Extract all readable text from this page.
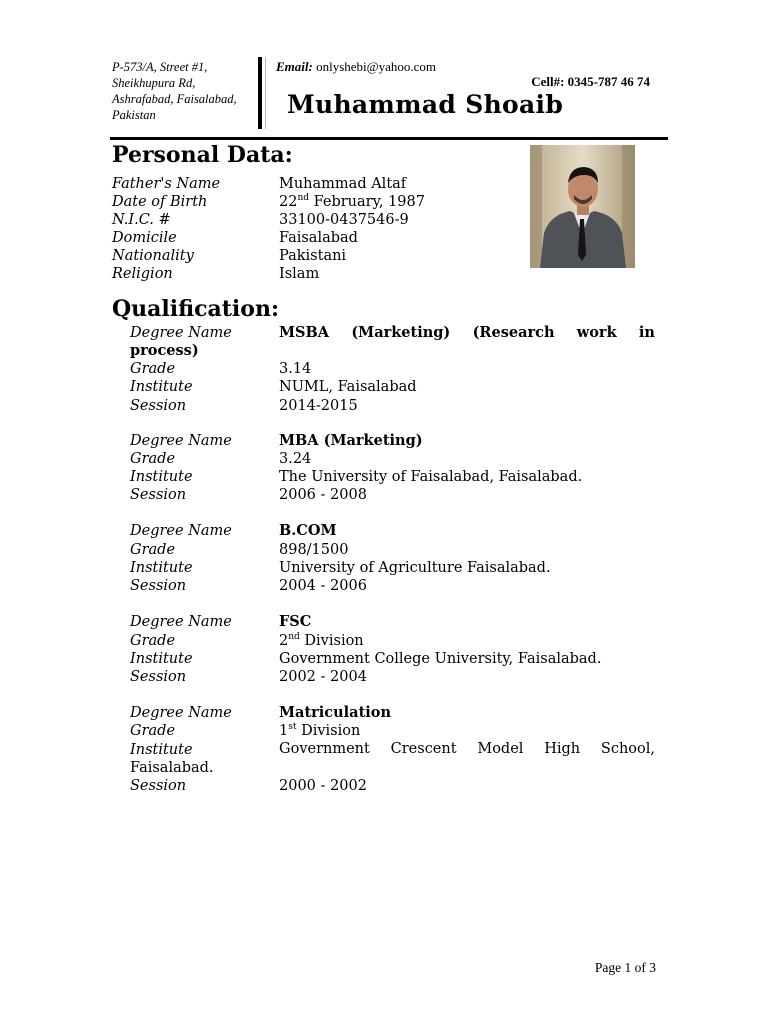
P-573/A, Street #1,
Sheikhupura Rd,
Ashrafabad, Faisalabad,
Pakistan
Email: onlyshebi@yahoo.com
Cell#: 0345-787 46 74
Muhammad Shoaib
Personal Data:
Father's Name	Muhammad Altaf
Date of Birth	22nd February, 1987
N.I.C. #	33100-0437546-9
Domicile	Faisalabad
Nationality	Pakistani
Religion	Islam
Qualification:
Degree Name	MSBA (Marketing) (Research work in
process)
Grade	3.14
Institute	NUML, Faisalabad
Session	2014-2015
Degree Name	MBA (Marketing)
Grade	3.24
Institute	The University of Faisalabad, Faisalabad.
Session	2006 - 2008
Degree Name	B.COM
Grade	898/1500
Institute	University of Agriculture Faisalabad.
Session	2004 - 2006
Degree Name	FSC
Grade	2nd Division
Institute	Government College University, Faisalabad.
Session	2002 - 2004
Degree Name	Matriculation
Grade	1st Division
Institute	Government Crescent Model High School,
Faisalabad.
Session	2000 - 2002
Page 1 of 3
